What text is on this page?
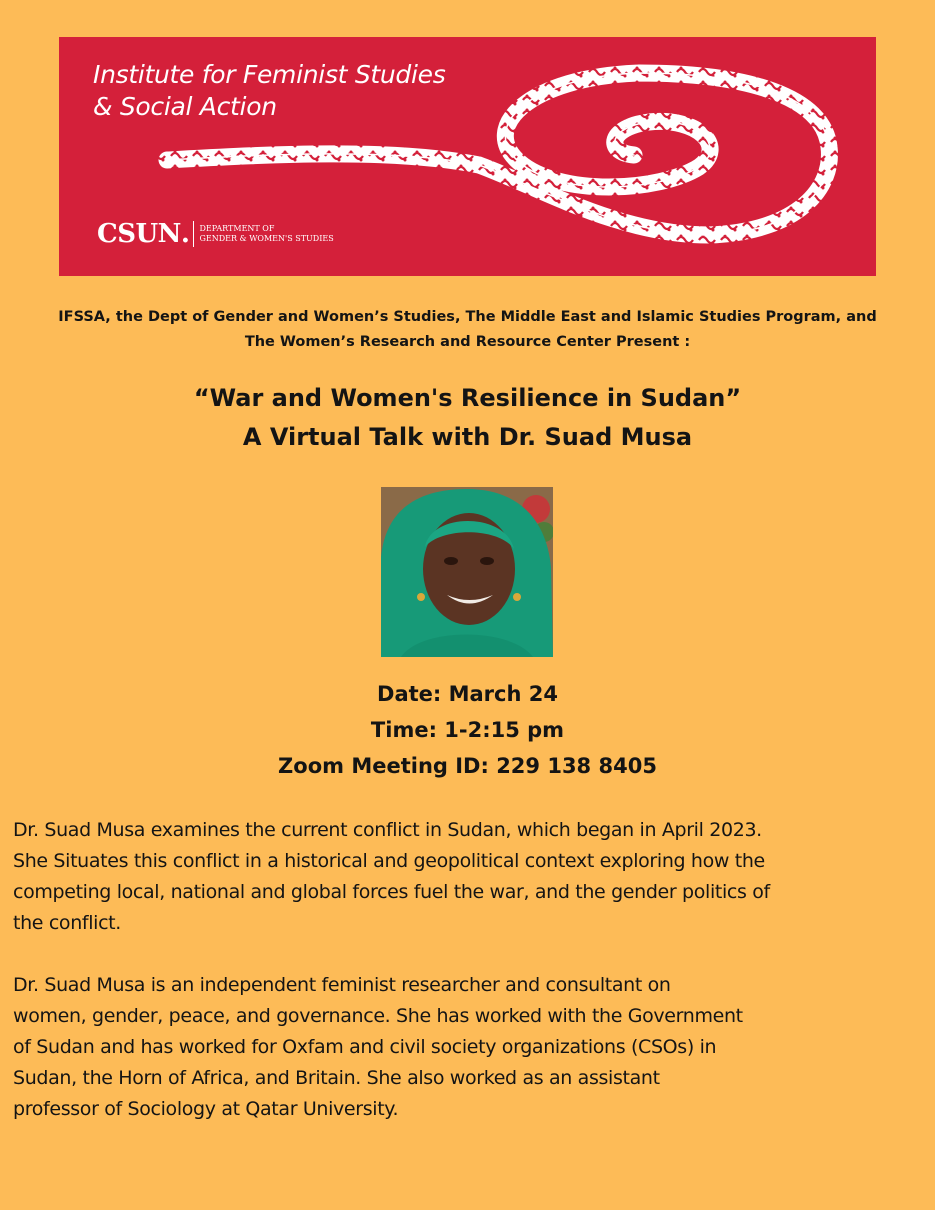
Institute for Feminist Studies
& Social Action
CSUN . DEPARTMENT OF
GENDER & WOMEN'S STUDIES
IFSSA, the Dept of Gender and Women’s Studies, The Middle East and Islamic Studies Program, and
The Women’s Research and Resource Center Present :
“War and Women's Resilience in Sudan”
A Virtual Talk with Dr. Suad Musa
Date: March 24
Time: 1-2:15 pm
Zoom Meeting ID: 229 138 8405
Dr. Suad Musa examines the current conflict in Sudan, which began in April 2023.
She Situates this conflict in a historical and geopolitical context exploring how the
competing local, national and global forces fuel the war, and the gender politics of
the conflict.
Dr. Suad Musa is an independent feminist researcher and consultant on
women, gender, peace, and governance. She has worked with the Government
of Sudan and has worked for Oxfam and civil society organizations (CSOs) in
Sudan, the Horn of Africa, and Britain. She also worked as an assistant
professor of Sociology at Qatar University.
